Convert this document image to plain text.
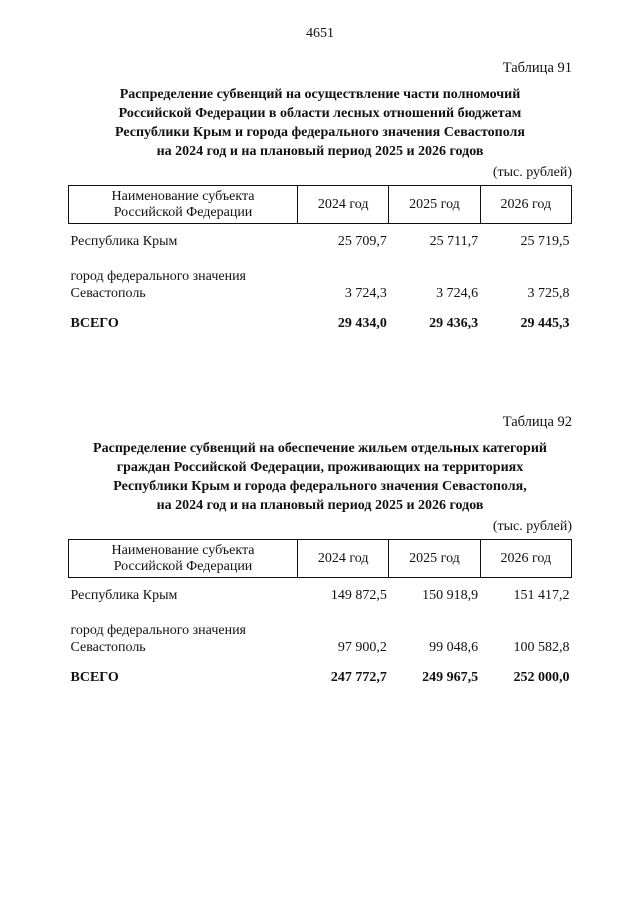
4651
Таблица 91
Распределение субвенций на осуществление части полномочий
Российской Федерации в области лесных отношений бюджетам
Республики Крым и города федерального значения Севастополя
на 2024 год и на плановый период 2025 и 2026 годов
(тыс. рублей)
Наименование субъекта
Российской Федерации	2024 год	2025 год	2026 год
Республика Крым	25 709,7	25 711,7	25 719,5

город федерального значения
Севастополь	3 724,3	3 724,6	3 725,8
ВСЕГО	29 434,0	29 436,3	29 445,3
Таблица 92
Распределение субвенций на обеспечение жильем отдельных категорий
граждан Российской Федерации, проживающих на территориях
Республики Крым и города федерального значения Севастополя,
на 2024 год и на плановый период 2025 и 2026 годов
(тыс. рублей)
Наименование субъекта
Российской Федерации	2024 год	2025 год	2026 год
Республика Крым	149 872,5	150 918,9	151 417,2

город федерального значения
Севастополь	97 900,2	99 048,6	100 582,8
ВСЕГО	247 772,7	249 967,5	252 000,0
